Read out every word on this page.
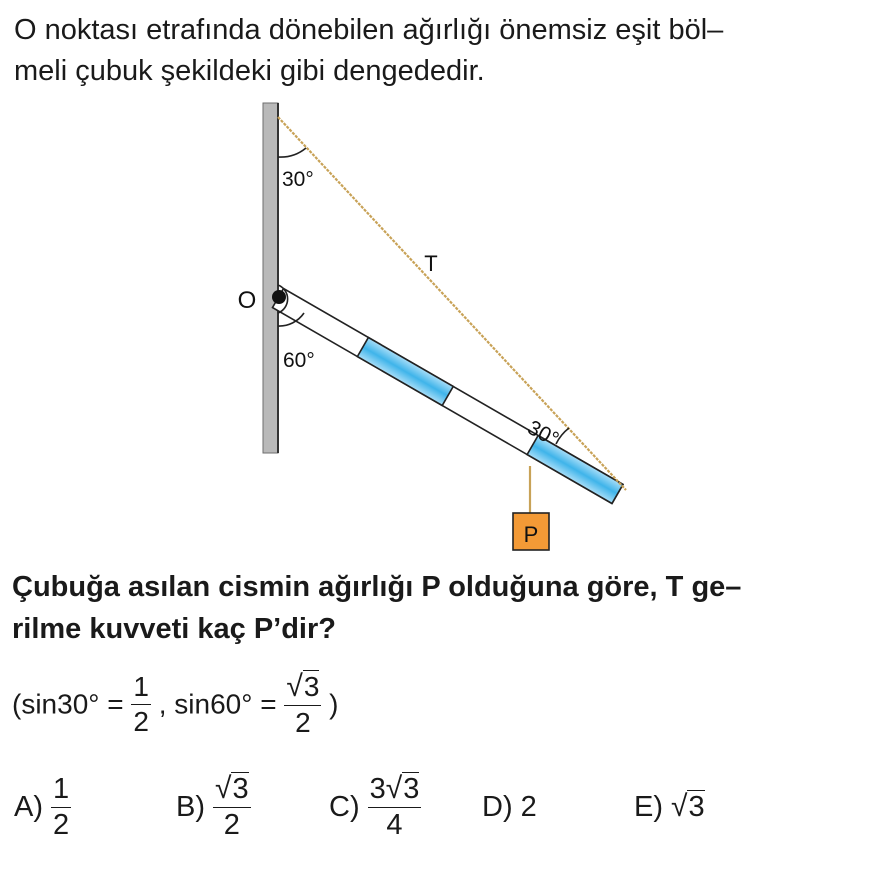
O noktası etrafında dönebilen ağırlığı önemsiz eşit böl–
meli çubuk şekildeki gibi dengededir.
P
O
T
30°
60°
30°
Çubuğa asılan cismin ağırlığı P olduğuna göre, T ge–
rilme kuvveti kaç P’dir?
($\sin 30^\circ = \frac{1}{2}$ , $\sin 60^\circ = \frac{√3}{2}$ )
$A) \frac{1}{2}$	$B) \frac{√3}{2}$	$C) \frac{3√3}{4} D$) 2	E) √3
